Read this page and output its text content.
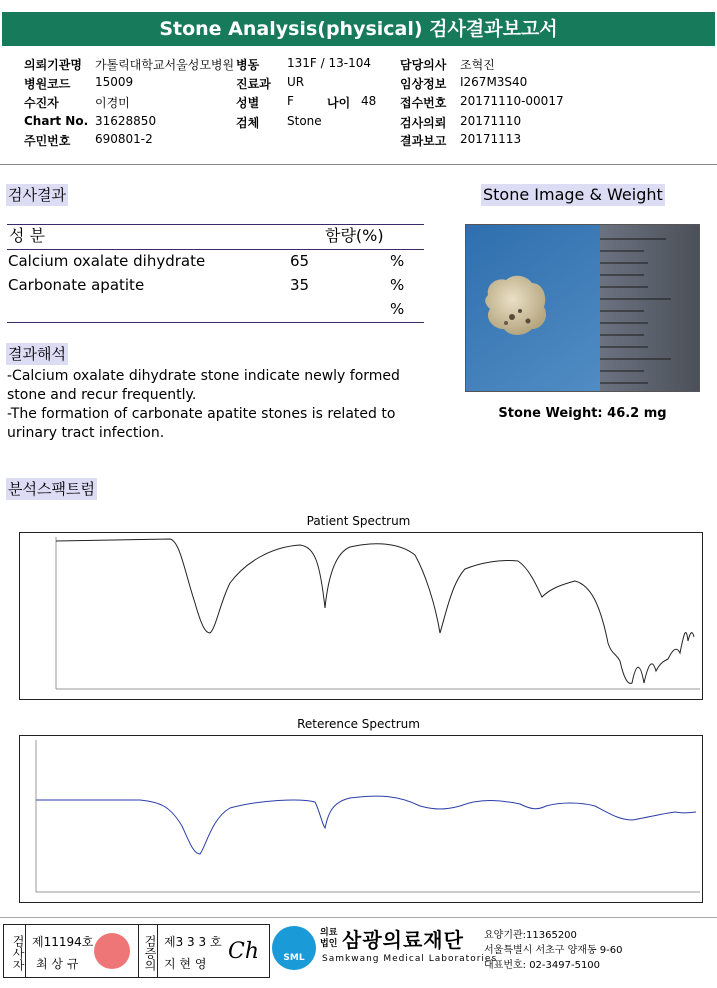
Stone Analysis(physical) 검사결과보고서
의뢰기관명 가톨릭대학교서울성모병원 병동 131F / 13-104 담당의사 조혁진
병원코드 15009	진료과 UR	임상정보 I267M3S40
수진자	이경미	성별 F	나이 48 접수번호 20171110-00017
Chart No. 31628850	검체 Stone	검사의뢰 20171110
주민번호 690801-2	결과보고 20171113
검사결과
성 분	함량(%)
Calcium oxalate dihydrate	65	%
Carbonate apatite	35	%
%
Stone Image & Weight
Stone Weight: 46.2 mg
결과해석
-Calcium oxalate dihydrate stone indicate newly formed stone and recur frequently.
-The formation of carbonate apatite stones is related to urinary tract infection.
분석스팩트럼
Patient Spectrum
Reterence Spectrum
검사자 제11194호
최 상 규	검증의 제3 3 3 호
지 현 영 Ch	SML
의료법인 삼광의료재단
Samkwang Medical Laboratories
요양기관:11365200
서울특별시 서초구 양재동 9-60
대표번호: 02-3497-5100
